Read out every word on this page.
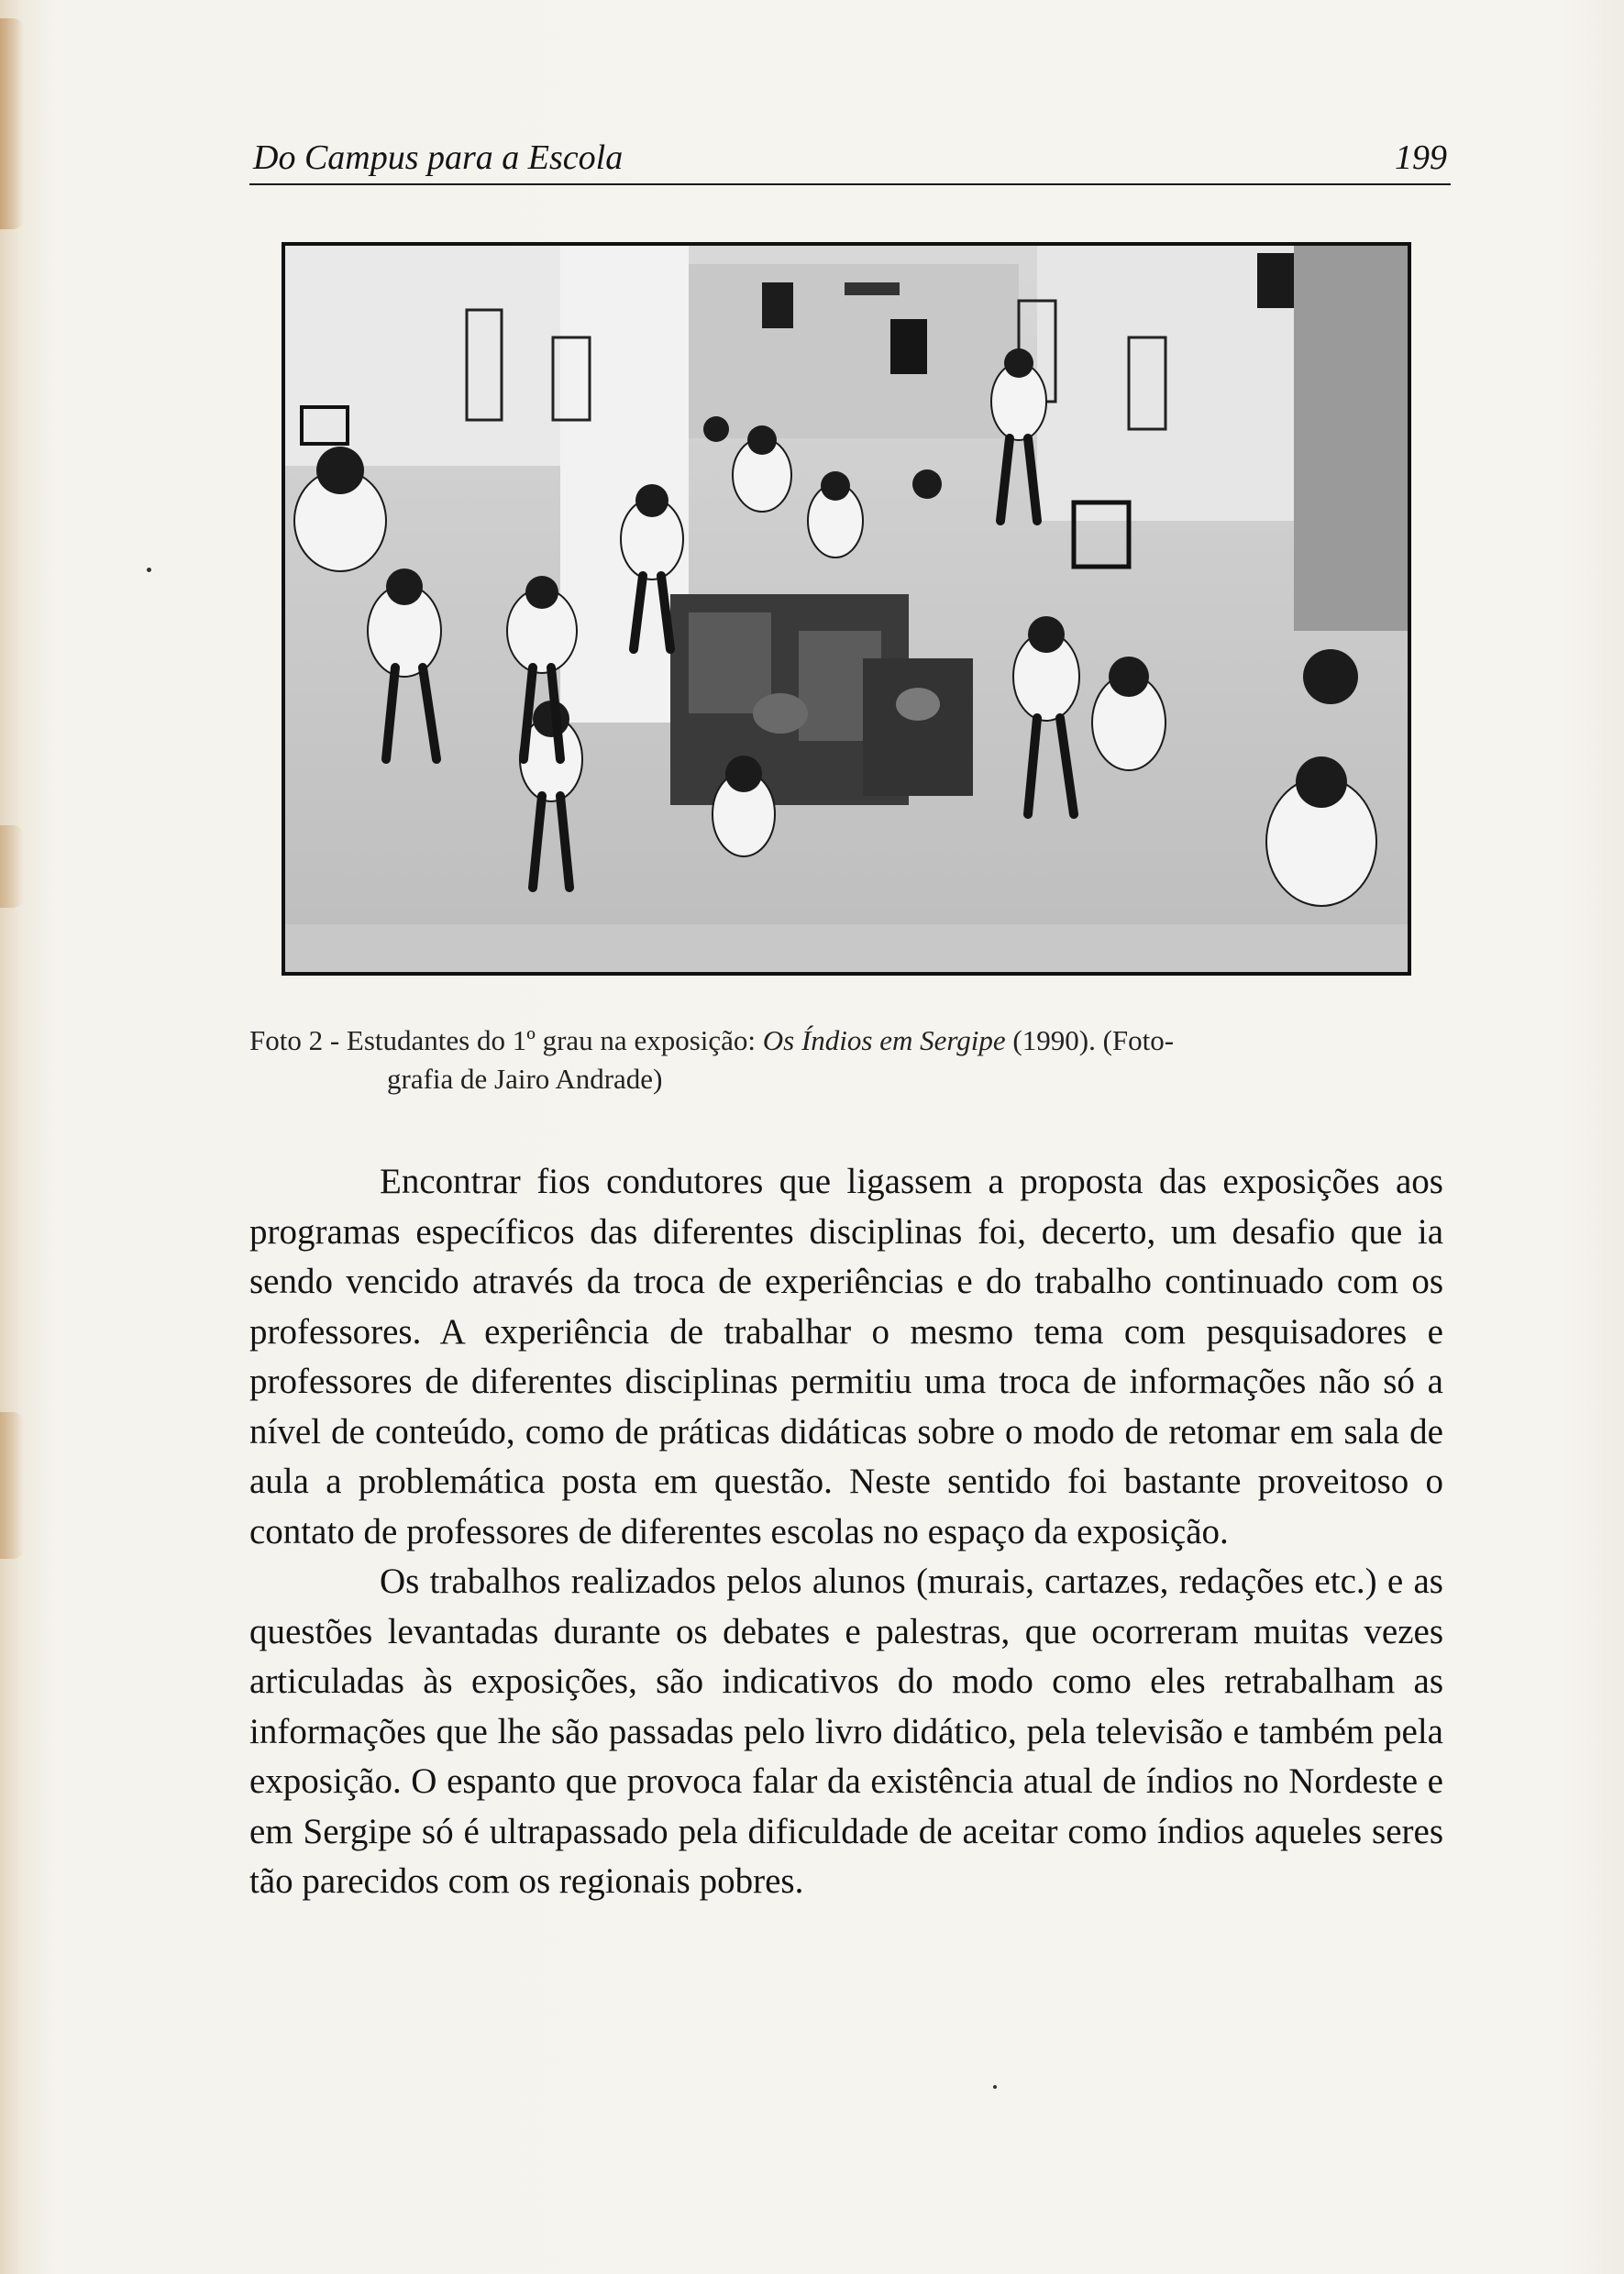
Do Campus para a Escola	199
Foto 2 - Estudantes do 1º grau na exposição: Os Índios em Sergipe (1990). (Foto-
grafia de Jairo Andrade)

Encontrar fios condutores que ligassem a proposta das exposições aos programas específicos das diferentes disciplinas foi, decerto, um desafio que ia sendo vencido através da troca de experiências e do trabalho continuado com os professores. A experiência de trabalhar o mesmo tema com pesquisadores e professores de diferentes disciplinas permitiu uma troca de informações não só a nível de conteúdo, como de práticas didáticas sobre o modo de retomar em sala de aula a problemática posta em questão. Neste sentido foi bastante proveitoso o contato de professores de diferentes escolas no espaço da exposição.

Os trabalhos realizados pelos alunos (murais, cartazes, redações etc.) e as questões levantadas durante os debates e palestras, que ocorreram muitas vezes articuladas às exposições, são indicativos do modo como eles retrabalham as informações que lhe são passadas pelo livro didático, pela televisão e também pela exposição. O espanto que provoca falar da existência atual de índios no Nordeste e em Sergipe só é ultrapassado pela dificuldade de aceitar como índios aqueles seres tão parecidos com os regionais pobres.
